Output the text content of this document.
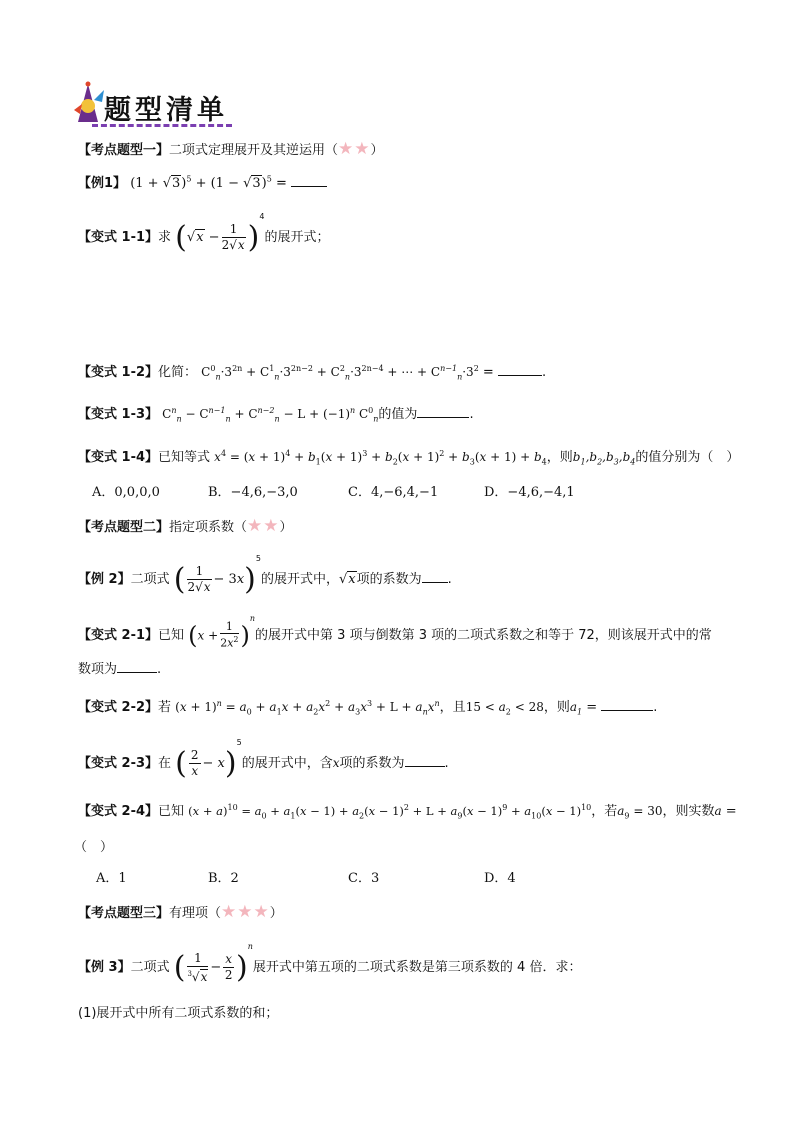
题型清单
【考点题型一】二项式定理展开及其逆运用（★★）
【例1】 $(1 + √3)^5 + (1 - √3)^5$ =
【变式 1-1】求 $(√x - \frac{1}{2√x} )^4$的展开式；
【变式 1-2】化简： $C^0_n\cdot 3^{2n} + C^1_n\cdot 3^{2n-2} + C^2_n\cdot 3^{2n-4}$ + ⋯ + $C^{n-1}_n\cdot 3^2$ =	.
【变式 1-3】 $C^n_n - C^{n-1}_n + C^{n-2}_n - L + (-1)^n$ $C^0_n$的值为	.
【变式 1-4】已知等式 $x^4 = (x + 1)^4 + b_1(x + 1)^3 + b_2(x + 1)^2 + b_3(x + 1) + b_4$，则$b_1,b_2,b_3,b_4$的值分别为（　）
A．0,0,0,0	B．−4,6,−3,0	C．4,−6,4,−1	D．−4,6,−4,1
【考点题型二】指定项系数（★★）
【例 2】二项式 ( $\frac{1}{2√x} - 3x)^5$的展开式中，√x项的系数为 .
【变式 2-1】已知 $(x + \frac{1}{2x^2} )^n$的展开式中第 3 项与倒数第 3 项的二项式系数之和等于 72，则该展开式中的常
数项为	.
【变式 2-2】若 $(x + 1)^n = a_0 + a_1x + a_2x^2 + a_3x^3 + L + a_nx^n$，且$15 < a_2 < 28$，则$a_1$ =	.
【变式 2-3】在 ( $\frac{2}{x} - x)^5$的展开式中，含x项的系数为	.
【变式 2-4】已知 $(x + a)^{10} = a_0 + a_1(x - 1) + a_2(x - 1)^2 + L + a_9(x - 1)^9 + a_{10}(x - 1)^{10}$，若$a_9 = 30$，则实数a =
（　）
A．1	B．2	C．3	D．4
【考点题型三】有理项（★★★）
【例 3】二项式 ( $\frac{1}{^3√x} - \frac{x}{2} )^n$展开式中第五项的二项式系数是第三项系数的 4 倍．求：
(1)展开式中所有二项式系数的和；
